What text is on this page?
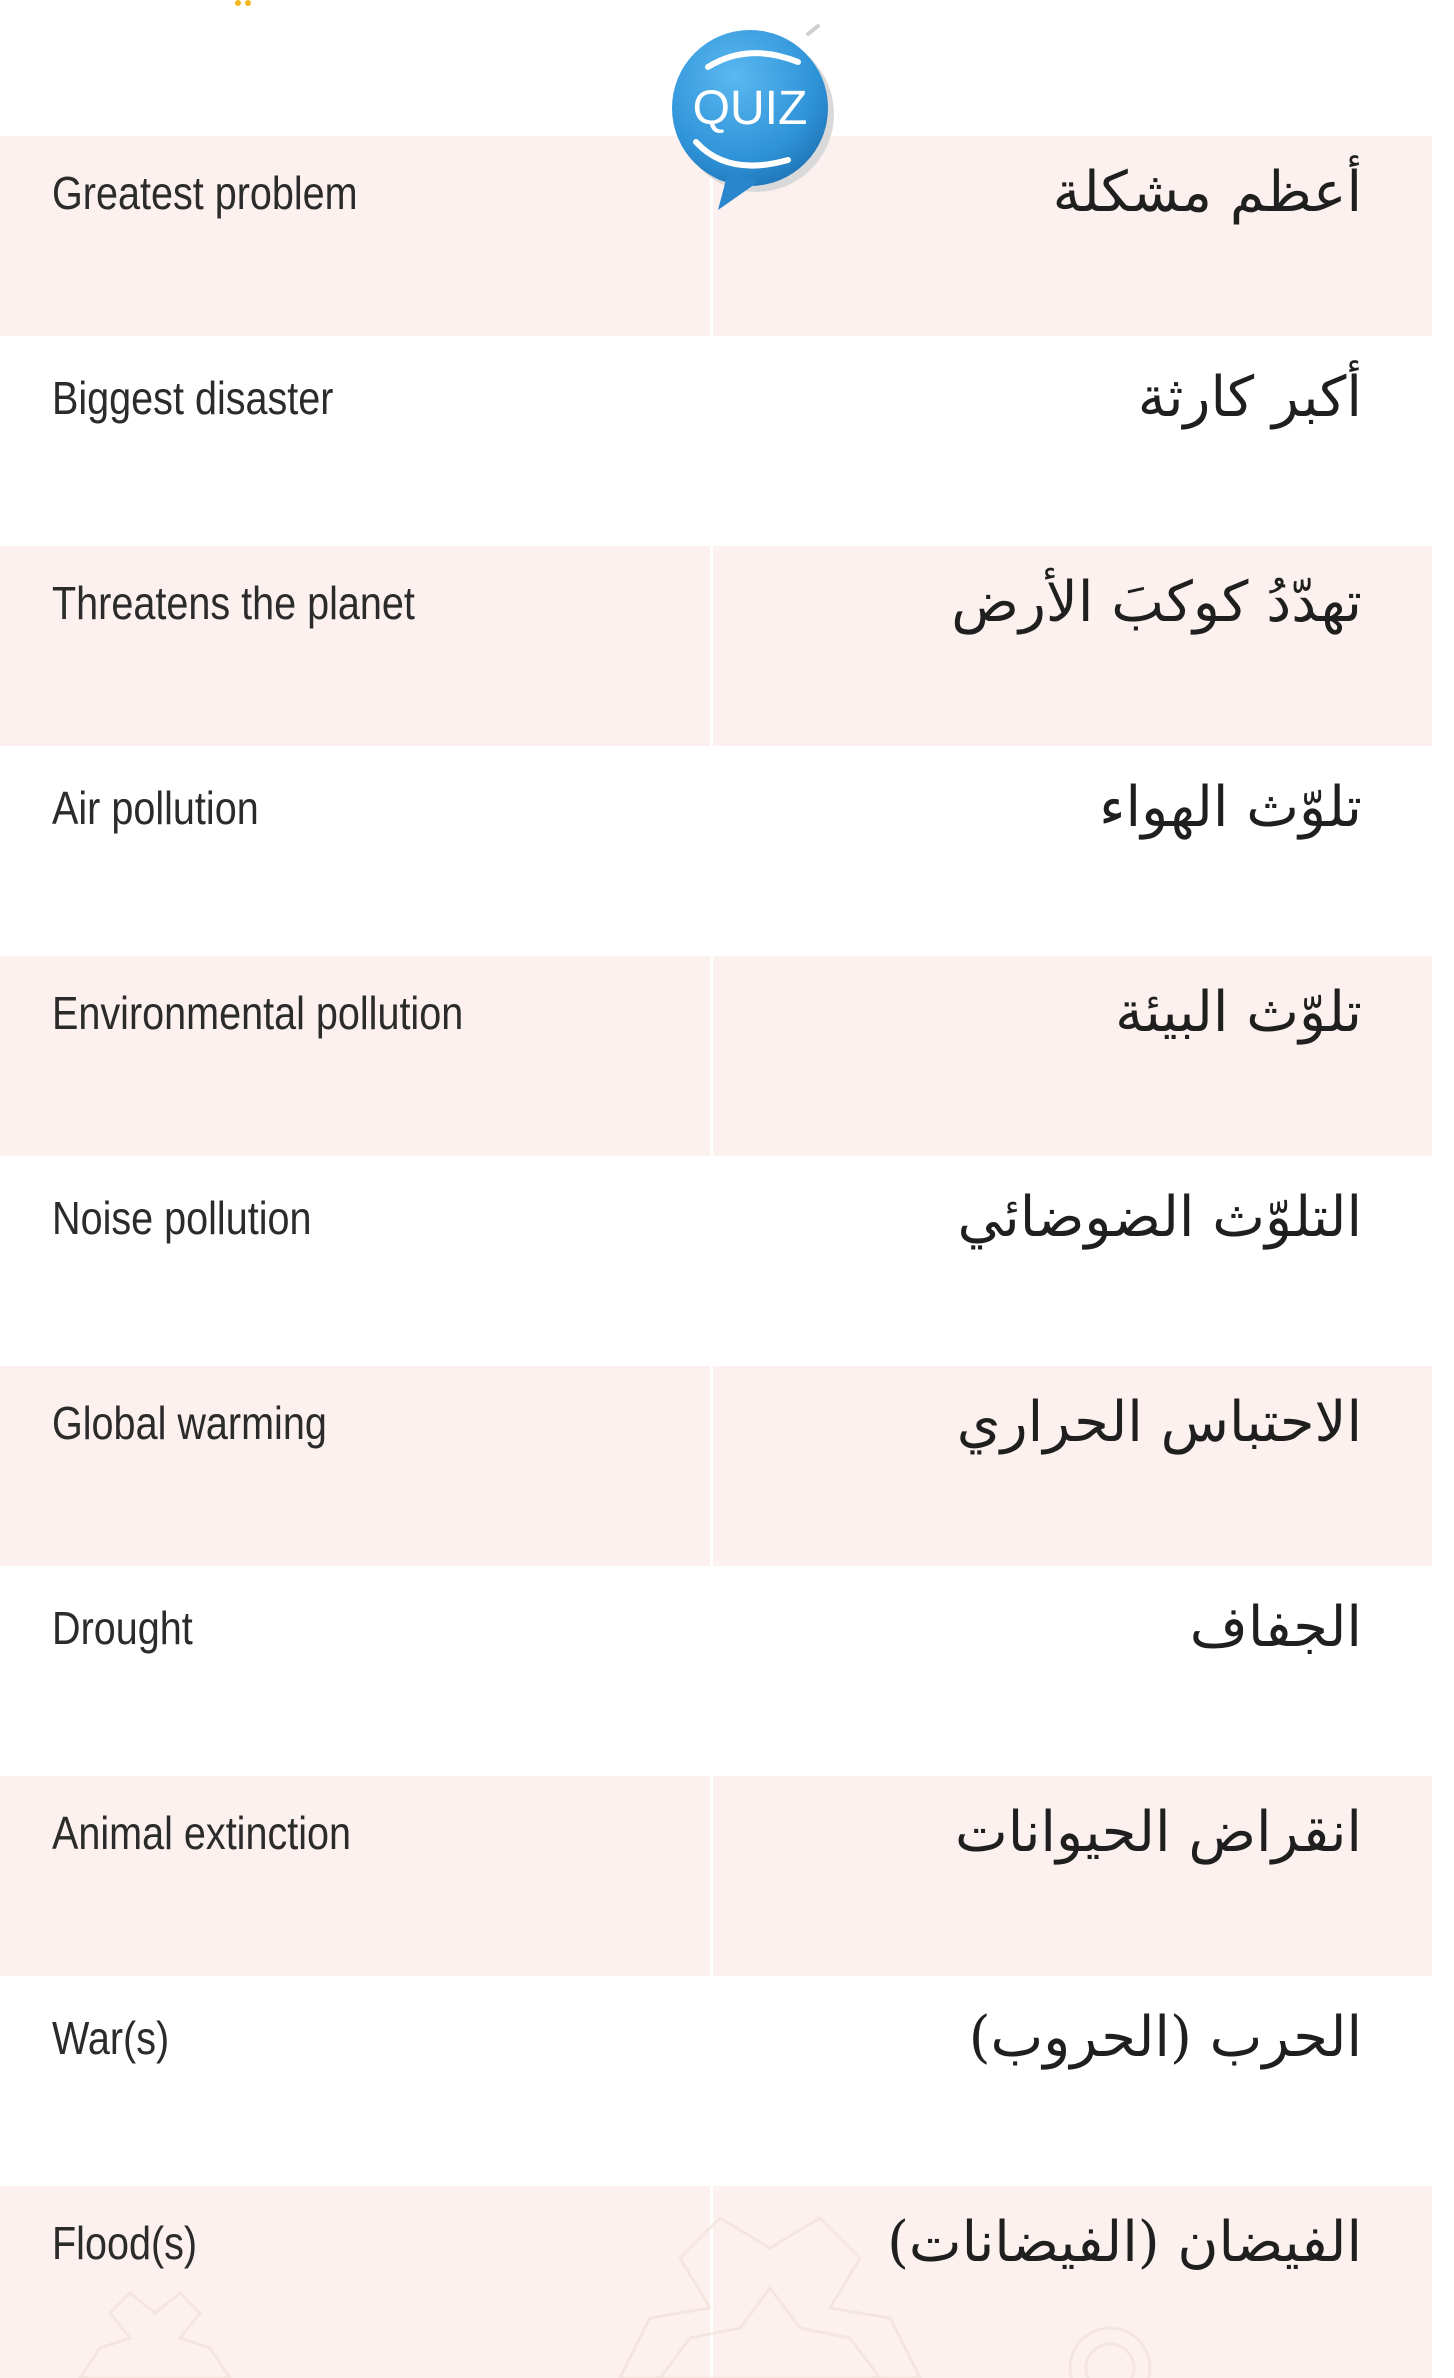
Greatest problem	أعظم مشكلة
Biggest disaster	أكبر كارثة
Threatens the planet	تهدّدُ كوكبَ الأرض
Air pollution	تلوّث الهواء
Environmental pollution	تلوّث البيئة
Noise pollution	التلوّث الضوضائي
Global warming	الاحتباس الحراري
Drought	الجفاف
Animal extinction	انقراض الحيوانات
War(s)	الحرب (الحروب)
Flood(s)	الفيضان (الفيضانات)
QUIZ
